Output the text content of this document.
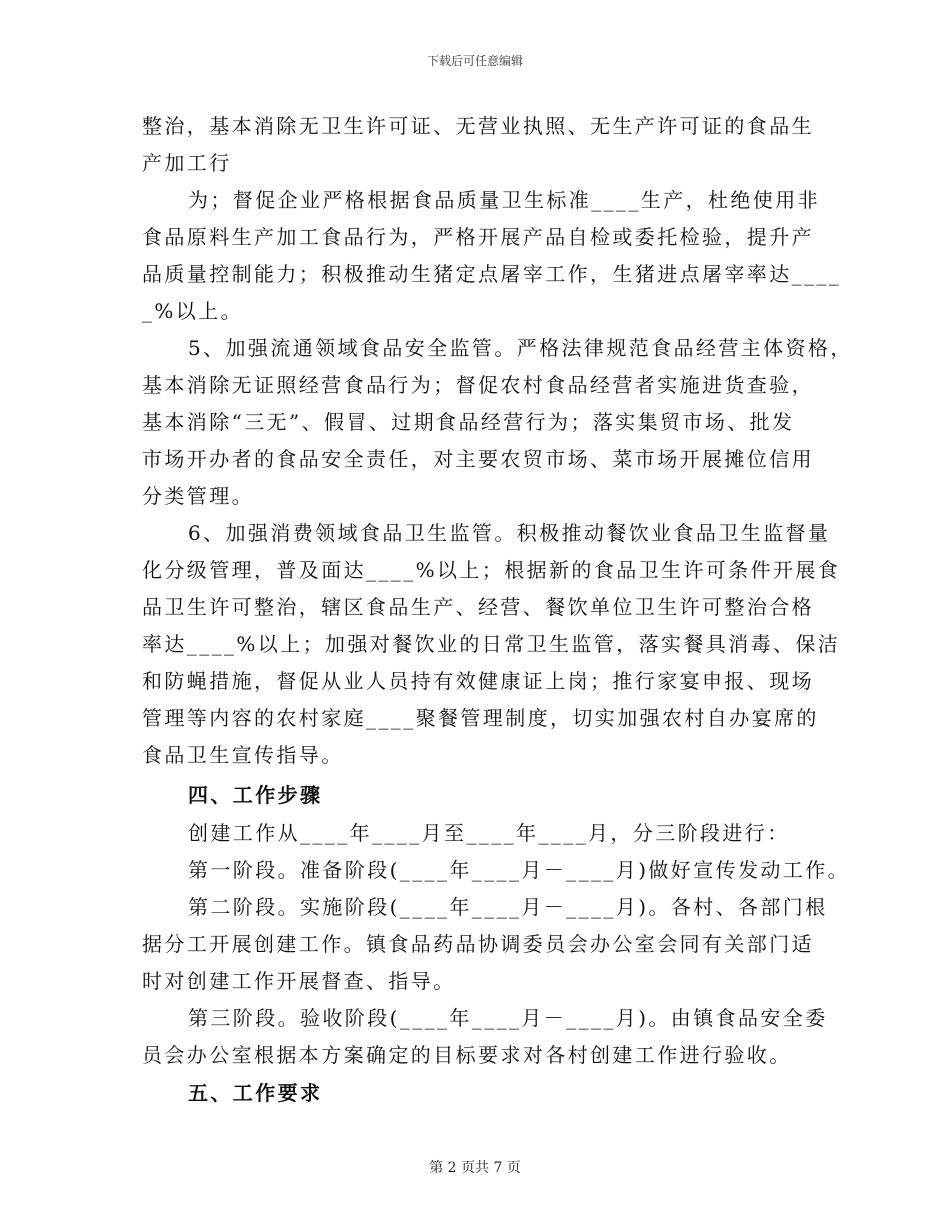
下载后可任意编辑
整治，基本消除无卫生许可证、无营业执照、无生产许可证的食品生
产加工行
为；督促企业严格根据食品质量卫生标准____生产，杜绝使用非
食品原料生产加工食品行为，严格开展产品自检或委托检验，提升产
品质量控制能力；积极推动生猪定点屠宰工作，生猪进点屠宰率达____
_%以上。
5、加强流通领域食品安全监管。严格法律规范食品经营主体资格，
基本消除无证照经营食品行为；督促农村食品经营者实施进货查验，
基本消除“三无”、假冒、过期食品经营行为；落实集贸市场、批发
市场开办者的食品安全责任，对主要农贸市场、菜市场开展摊位信用
分类管理。
6、加强消费领域食品卫生监管。积极推动餐饮业食品卫生监督量
化分级管理，普及面达____%以上；根据新的食品卫生许可条件开展食
品卫生许可整治，辖区食品生产、经营、餐饮单位卫生许可整治合格
率达____%以上；加强对餐饮业的日常卫生监管，落实餐具消毒、保洁
和防蝇措施，督促从业人员持有效健康证上岗；推行家宴申报、现场
管理等内容的农村家庭____聚餐管理制度，切实加强农村自办宴席的
食品卫生宣传指导。
四、工作步骤
创建工作从____年____月至____年____月，分三阶段进行：
第一阶段。准备阶段(____年____月－____月)做好宣传发动工作。
第二阶段。实施阶段(____年____月－____月)。各村、各部门根
据分工开展创建工作。镇食品药品协调委员会办公室会同有关部门适
时对创建工作开展督查、指导。
第三阶段。验收阶段(____年____月－____月)。由镇食品安全委
员会办公室根据本方案确定的目标要求对各村创建工作进行验收。
五、工作要求
第 2 页共 7 页
